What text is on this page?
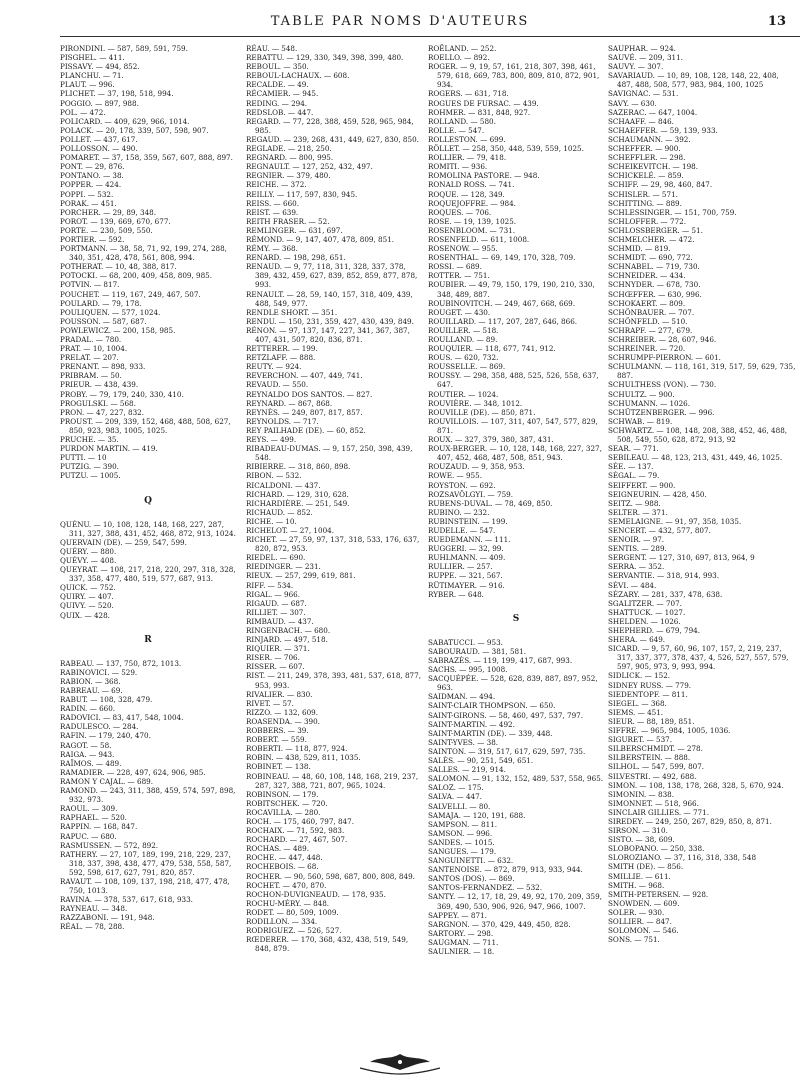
TABLE PAR NOMS D'AUTEURS	13
PIRONDINI. — 587, 589, 591, 759.
PISGHEL. — 411.
PISSAVY. — 494, 852.
PLANCHU. — 71.
PLAUT. — 996.
PLICHET. — 37, 198, 518, 994.
POGGIO. — 897, 988.
POL. — 472.
POLICARD. — 409, 629, 966, 1014.
POLACK. — 20, 178, 339, 507, 598, 907.
POLLET. — 437, 617.
POLLOSSON. — 490.
POMARET. — 37, 158, 359, 567, 607, 888, 897.
PONT. — 29, 876.
PONTANO. — 38.
POPPER. — 424.
POPPI. — 532.
PORAK. — 451.
PORCHER. — 29, 89, 348.
POROT. — 139, 669, 670, 677.
PORTE. — 230, 509, 550.
PORTIER. — 592.
PORTMANN. — 38, 58, 71, 92, 199, 274, 288, 340, 351, 428, 478, 561, 808, 994.
POTHERAT. — 10, 48, 388, 817.
POTOCKI. — 68, 200, 409, 458, 809, 985.
POTVIN. — 817.
POUCHET. — 119, 167, 249, 467, 507.
POULARD. — 79, 178.
POULIQUEN. — 577, 1024.
POUSSON. — 587, 687.
POWLEWICZ. — 200, 158, 985.
PRADAL. — 780.
PRAT. — 10, 1004.
PRELAT. — 207.
PRENANT. — 898, 933.
PRIBRAM. — 50.
PRIEUR. — 438, 439.
PROBY. — 79, 179, 240, 330, 410.
PROGULSKI. — 568.
PRON. — 47, 227, 832.
PROUST. — 209, 339, 152, 468, 488, 508, 627, 850, 923, 983, 1005, 1025.
PRUCHE. — 35.
PURDON MARTIN. — 419.
PUTTI. — 10
PUTZIG. — 390.
PUTZU. — 1005.
Q
QUÉNU. — 10, 108, 128, 148, 168, 227, 287, 311, 327, 388, 431, 452, 468, 872, 913, 1024.
QUERVAIN (DE). — 259, 547, 599.
QUÉRY. — 880.
QUÉVY. — 408.
QUEYRAT. — 108, 217, 218, 220, 297, 318, 328, 337, 358, 477, 480, 519, 577, 687, 913.
QUICK. — 752.
QUIRY. — 407.
QUIVY. — 520.
QUIX. — 428.
R
RABEAU. — 137, 750, 872, 1013.
RABINOVICI. — 529.
RABION. — 368.
RABREAU. — 69.
RABUT. — 108, 328, 479.
RADIN. — 660.
RADOVICI. — 83, 417, 548, 1004.
RADULESCO. — 284.
RAFIN. — 179, 240, 470.
RAGOT. — 58.
RAIGA. — 943.
RAÏMOS. — 489.
RAMADIER. — 228, 497, 624, 906, 985.
RAMON Y CAJAL. — 689.
RAMOND. — 243, 311, 388, 459, 574, 597, 898, 932, 973.
RAOUL. — 309.
RAPHAEL. — 520.
RAPPIN. — 168, 847.
RAPUC. — 680.
RASMUSSEN. — 572, 892.
RATHERY. — 27, 107, 189, 199, 218, 229, 237, 318, 337, 398, 438, 477, 479, 538, 558, 587, 592, 598, 617, 627, 791, 820, 857.
RAVAUT. — 108, 109, 137, 198, 218, 477, 478, 750, 1013.
RAVINA. — 378, 537, 617, 618, 933.
RAYNEAU. — 348.
RAZZABONI. — 191, 948.
RÉAL. — 78, 288.
RÉAU. — 548.
REBATTU. — 129, 330, 349, 398, 399, 480.
REBOUL. — 350.
REBOUL-LACHAUX. — 608.
RECALDE. — 49.
RÉCAMIER. — 945.
REDING. — 294.
REDSLOB. — 447.
REGARD. — 77, 228, 388, 459, 528, 965, 984, 985.
REGAUD. — 239, 268, 431, 449, 627, 830, 850.
REGLADE. — 218, 250.
REGNARD. — 800, 995.
REGNAULT. — 127, 252, 432, 497.
REGNIER. — 379, 480.
REICHE. — 372.
REILLY. — 117, 597, 830, 945.
REISS. — 660.
REIST. — 639.
REITH FRASER. — 52.
REMLINGER. — 631, 697.
RÉMOND. — 9, 147, 407, 478, 809, 851.
RÉMY. — 368.
RENARD. — 198, 298, 651.
RENAUD. — 9, 77, 118, 311, 328, 337, 378, 389, 432, 459, 627, 839, 852, 859, 877, 878, 993.
RENAULT. — 28, 59, 140, 157, 318, 409, 439, 488, 549, 977.
RENDLE SHORT. — 351.
RENDU. — 150, 231, 359, 427, 430, 439, 849.
RÉNON. — 97, 137, 147, 227, 341, 367, 387, 407, 431, 507, 820, 836, 871.
RETTERER. — 199.
RETZLAFF. — 888.
REUTY. — 924.
REVERCHON. — 407, 449, 741.
REVAUD. — 550.
REYNALDO DOS SANTOS. — 827.
REYNARD. — 867, 868.
REYNÈS. — 249, 807, 817, 857.
REYNOLDS. — 717.
REY PAILHADE (DE). — 60, 852.
REYS. — 499.
RIBADEAU-DUMAS. — 9, 157, 250, 398, 439, 548.
RIBIERRE. — 318, 860, 898.
RIBON. — 532.
RICALDONI. — 437.
RICHARD. — 129, 310, 628.
RICHARDIÈRE. — 251, 549.
RICHAUD. — 852.
RICHE. — 10.
RICHELOT. — 27, 1004.
RICHET. — 27, 59, 97, 137, 318, 533, 176, 637, 820, 872, 953.
RIEDEL. — 690.
RIEDINGER. — 231.
RIEUX. — 257, 299, 619, 881.
RIFF. — 534.
RIGAL. — 966.
RIGAUD. — 687.
RILLIET. — 307.
RIMBAUD. — 437.
RINGENBACH. — 680.
RINJARD. — 497, 518.
RIQUIER. — 371.
RISER. — 706.
RISSER. — 607.
RIST. — 211, 249, 378, 393, 481, 537, 618, 877, 953, 993.
RIVALIER. — 830.
RIVET. — 57.
RIZZO. — 132, 609.
ROASENDA. — 390.
ROBBERS. — 39.
ROBERT. — 559.
ROBERTI. — 118, 877, 924.
ROBIN. — 438, 529, 811, 1035.
ROBINET. — 138.
ROBINEAU. — 48, 60, 108, 148, 168, 219, 237, 287, 327, 388, 721, 807, 965, 1024.
ROBINSON. — 179.
ROBITSCHEK. — 720.
ROCAVILLA. — 280.
ROCH. — 175, 460, 797, 847.
ROCHAIX. — 71, 592, 983.
ROCHARD. — 27, 467, 507.
ROCHAS. — 489.
ROCHE. — 447, 448.
ROCHEBOIS. — 68.
ROCHER. — 90, 560, 598, 687, 800, 808, 849.
ROCHET. — 470, 870.
ROCHON-DUVIGNEAUD. — 178, 935.
ROCHU-MÉRY. — 848.
RODET. — 80, 509, 1009.
RODILLON. — 334.
RODRIGUEZ. — 526, 527.
RŒDERER. — 170, 368, 432, 438, 519, 549, 848, 879.
ROËLAND. — 252.
ROELLO. — 892.
ROGER. — 9, 19, 57, 161, 218, 307, 398, 461, 579, 618, 669, 783, 800, 809, 810, 872, 901, 934.
ROGERS. — 631, 718.
ROGUES DE FURSAC. — 439.
ROHMER. — 831, 848, 927.
ROLLAND. — 580.
ROLLE. — 547.
ROLLESTON. — 699.
RÖLLET. — 258, 350, 448, 539, 559, 1025.
ROLLIER. — 79, 418.
ROMITI. — 936.
ROMOLINA PASTORE. — 948.
RONALD ROSS. — 741.
ROQUE. — 128, 349.
ROQUEJOFFRE. — 984.
ROQUES. — 706.
ROSE. — 19, 139, 1025.
ROSENBLOOM. — 731.
ROSENFELD. — 611, 1008.
ROSENOW. — 955.
ROSENTHAL. — 69, 149, 170, 328, 709.
ROSSI. — 689.
ROTTER. — 751.
ROUBIER. — 49, 79, 150, 179, 190, 210, 330, 348, 489, 887.
ROUBINOVITCH. — 249, 467, 668, 669.
ROUGET. — 430.
ROUILLARD. — 117, 207, 287, 646, 866.
ROUILLER. — 518.
ROULLAND. — 89.
ROUQUIER. — 118, 677, 741, 912.
ROUS. — 620, 732.
ROUSSELLE. — 869.
ROUSSY. — 298, 358, 488, 525, 526, 558, 637, 647.
ROUTIER. — 1024.
ROUVIÈRE. — 348, 1012.
ROUVILLE (DE). — 850, 871.
ROUVILLOIS. — 107, 311, 407, 547, 577, 829, 871.
ROUX. — 327, 379, 380, 387, 431.
ROUX-BERGER. — 10, 128, 148, 168, 227, 327, 407, 452, 468, 487, 508, 851, 943.
ROUZAUD. — 9, 358, 953.
ROWE. — 955.
ROYSTON. — 692.
ROZSAVÖLGYI. — 759.
RUBENS-DUVAL. — 78, 469, 850.
RUBINO. — 232.
RUBINSTEIN. — 199.
RUDELLE. — 547.
RUEDEMANN. — 111.
RUGGERI. — 32, 99.
RUHLMANN. — 409.
RULLIER. — 257.
RUPPE. — 321, 567.
RÜTIMAYER. — 916.
RYBER. — 648.
S
SABATUCCI. — 953.
SABOURAUD. — 381, 581.
SABRAZÈS. — 119, 199, 417, 687, 993.
SACHS. — 995, 1008.
SACQUÉPÉE. — 528, 628, 839, 887, 897, 952, 963.
SAIDMAN. — 494.
SAINT-CLAIR THOMPSON. — 650.
SAINT-GIRONS. — 58, 460, 497, 537, 797.
SAINT-MARTIN. — 492.
SAINT-MARTIN (DE). — 339, 448.
SAINT-YVES. — 38.
SAINTON. — 319, 517, 617, 629, 597, 735.
SALÈS. — 90, 251, 549, 651.
SALLES. — 219, 914.
SALOMON. — 91, 132, 152, 489, 537, 558, 965.
SALOZ. — 175.
SALVA. — 447.
SALVELLI. — 80.
SAMAJA. — 120, 191, 688.
SAMPSON. — 811.
SAMSON. — 996.
SANDES. — 1015.
SANGUES. — 179.
SANGUINETTI. — 632.
SANTENOISE. — 872, 879, 913, 933, 944.
SANTOS (DOS). — 869.
SANTOS-FERNANDEZ. — 532.
SANTY. — 12, 17, 18, 29, 49, 92, 170, 209, 359, 369, 490, 530, 906, 926, 947, 966, 1007.
SAPPEY. — 871.
SARGNON. — 370, 429, 449, 450, 828.
SARTORY. — 298.
SAUGMAN. — 711.
SAULNIER. — 18.
SAUPHAR. — 924.
SAUVÉ. — 209, 311.
SAUVY. — 307.
SAVARIAUD. — 10, 89, 108, 128, 148, 22, 408, 487, 488, 508, 577, 983, 984, 100, 1025
SAVIGNAC. — 531.
SAVY. — 630.
SAZERAC. — 647, 1004.
SCHAAFF. — 846.
SCHAEFFER. — 59, 139, 933.
SCHAUMANN. — 392.
SCHEFFER. — 900.
SCHEFFLER. — 298.
SCHEIKEVITCH. — 198.
SCHICKELÉ. — 859.
SCHIFF. — 29, 98, 460, 847.
SCHISLER. — 571.
SCHITTING. — 889.
SCHLESSINGER. — 151, 700, 759.
SCHLOFFER. — 772.
SCHLOSSBERGER. — 51.
SCHMELCHER. — 472.
SCHMID. — 819.
SCHMIDT. — 690, 772.
SCHNABEL. — 719, 730.
SCHNEIDER. — 434.
SCHNYDER. — 678, 730.
SCHŒFFER. — 630, 996.
SCHOKAERT. — 809.
SCHÖNBAUER. — 707.
SCHÖNFELD. — 510.
SCHRAPF. — 277, 679.
SCHREIBER. — 28, 607, 946.
SCHREINER. — 720.
SCHRUMPF-PIERRON. — 601.
SCHULMANN. — 118, 161, 319, 517, 59, 629, 735, 887.
SCHULTHESS (VON). — 730.
SCHULTZ. — 900.
SCHUMANN. — 1026.
SCHÜTZENBERGER. — 996.
SCHWAB. — 819.
SCHWARTZ. — 108, 148, 208, 388, 452, 46, 488, 508, 549, 550, 628, 872, 913, 92
SEAR. — 771.
SEBILEAU. — 48, 123, 213, 431, 449, 46, 1025.
SÉE. — 137.
SÉGAL. — 79.
SEIFFERT. — 900.
SEIGNEURIN. — 428, 450.
SEITZ. — 988.
SELTER. — 371.
SEMELAIGNE. — 91, 97, 358, 1035.
SENCERT. — 432, 577, 807.
SENOIR. — 97.
SENTIS. — 289.
SERGENT. — 127, 310, 697, 813, 964, 9
SERRA. — 352.
SERVANTIE. — 318, 914, 993.
SÉVI. — 484.
SÉZARY. — 281, 337, 478, 638.
SGALITZER. — 707.
SHATTUCK. — 1027.
SHELDEN. — 1026.
SHEPHERD. — 679, 794.
SHERA. — 649.
SICARD. — 9, 57, 60, 96, 107, 157, 2, 219, 237, 317, 337, 377, 378, 437, 4, 526, 527, 557, 579, 597, 905, 973, 9, 993, 994.
SIDLICK. — 152.
SIDNEY RUSS. — 779.
SIEDENTOPF. — 811.
SIEGEL. — 368.
SIEMS. — 451.
SIEUR. — 88, 189, 851.
SIFFRE. — 965, 984, 1005, 1036.
SIGURET. — 537.
SILBERSCHMIDT. — 278.
SILBERSTEIN. — 888.
SILHOL. — 547, 599, 807.
SILVESTRI. — 492, 688.
SIMON. — 108, 138, 178, 268, 328, 5, 670, 924.
SIMONIN. — 838.
SIMONNET. — 518, 966.
SINCLAIR GILLIES. — 771.
SIREDEY. — 249, 250, 267, 829, 850, 8, 871.
SIRSON. — 310.
SISTO. — 38, 609.
SLOBOPANO. — 250, 338.
SLOROZIANO. — 37, 116, 318, 338, 548
SMITH (DE). — 856.
SMILLIE. — 611.
SMITH. — 968.
SMITH-PETERSEN. — 928.
SNOWDEN. — 609.
SOLER. — 930.
SOLLIER. — 847.
SOLOMON. — 546.
SONS. — 751.
